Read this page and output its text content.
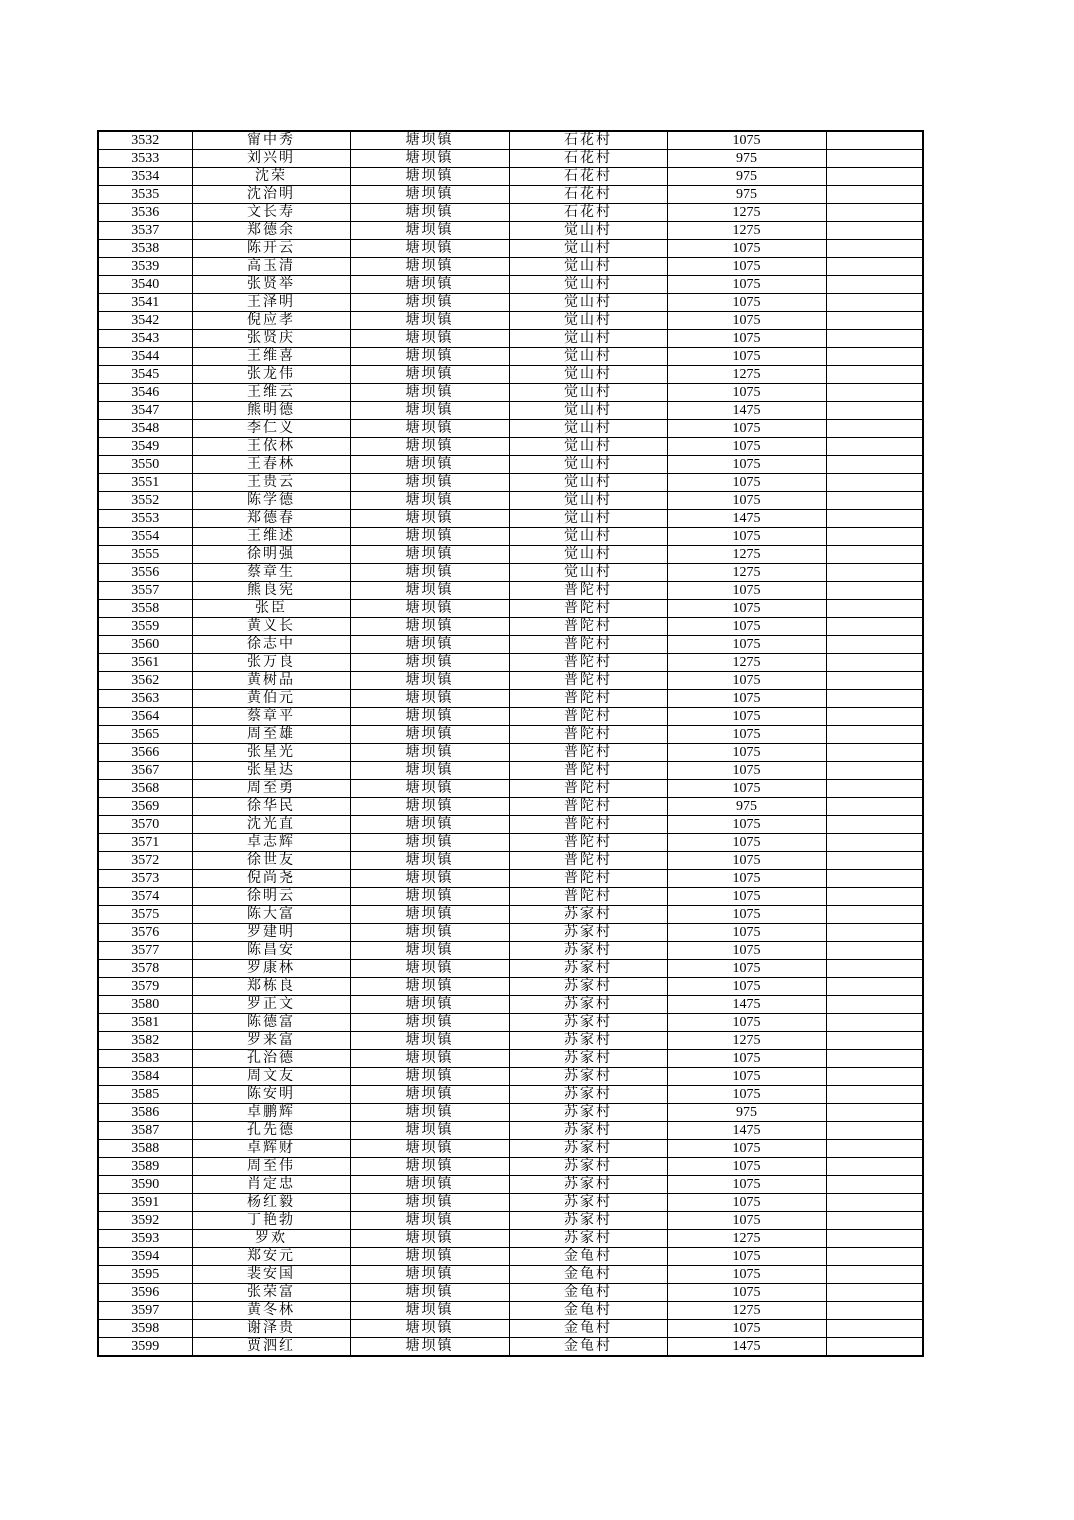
3532	甯中秀	塘坝镇	石花村	1075	
3533	刘兴明	塘坝镇	石花村	975	
3534	沈荣	塘坝镇	石花村	975	
3535	沈治明	塘坝镇	石花村	975	
3536	文长寿	塘坝镇	石花村	1275	
3537	郑德余	塘坝镇	觉山村	1275	
3538	陈开云	塘坝镇	觉山村	1075	
3539	高玉清	塘坝镇	觉山村	1075	
3540	张贤举	塘坝镇	觉山村	1075	
3541	王泽明	塘坝镇	觉山村	1075	
3542	倪应孝	塘坝镇	觉山村	1075	
3543	张贤庆	塘坝镇	觉山村	1075	
3544	王维喜	塘坝镇	觉山村	1075	
3545	张龙伟	塘坝镇	觉山村	1275	
3546	王维云	塘坝镇	觉山村	1075	
3547	熊明德	塘坝镇	觉山村	1475	
3548	李仁义	塘坝镇	觉山村	1075	
3549	王依林	塘坝镇	觉山村	1075	
3550	王春林	塘坝镇	觉山村	1075	
3551	王贵云	塘坝镇	觉山村	1075	
3552	陈学德	塘坝镇	觉山村	1075	
3553	郑德春	塘坝镇	觉山村	1475	
3554	王维述	塘坝镇	觉山村	1075	
3555	徐明强	塘坝镇	觉山村	1275	
3556	蔡章生	塘坝镇	觉山村	1275	
3557	熊良宪	塘坝镇	普陀村	1075	
3558	张臣	塘坝镇	普陀村	1075	
3559	黄义长	塘坝镇	普陀村	1075	
3560	徐志中	塘坝镇	普陀村	1075	
3561	张万良	塘坝镇	普陀村	1275	
3562	黄树品	塘坝镇	普陀村	1075	
3563	黄伯元	塘坝镇	普陀村	1075	
3564	蔡章平	塘坝镇	普陀村	1075	
3565	周至雄	塘坝镇	普陀村	1075	
3566	张星光	塘坝镇	普陀村	1075	
3567	张星达	塘坝镇	普陀村	1075	
3568	周至勇	塘坝镇	普陀村	1075	
3569	徐华民	塘坝镇	普陀村	975	
3570	沈光直	塘坝镇	普陀村	1075	
3571	卓志辉	塘坝镇	普陀村	1075	
3572	徐世友	塘坝镇	普陀村	1075	
3573	倪尚尧	塘坝镇	普陀村	1075	
3574	徐明云	塘坝镇	普陀村	1075	
3575	陈大富	塘坝镇	苏家村	1075	
3576	罗建明	塘坝镇	苏家村	1075	
3577	陈昌安	塘坝镇	苏家村	1075	
3578	罗康林	塘坝镇	苏家村	1075	
3579	郑栋良	塘坝镇	苏家村	1075	
3580	罗正文	塘坝镇	苏家村	1475	
3581	陈德富	塘坝镇	苏家村	1075	
3582	罗来富	塘坝镇	苏家村	1275	
3583	孔治德	塘坝镇	苏家村	1075	
3584	周文友	塘坝镇	苏家村	1075	
3585	陈安明	塘坝镇	苏家村	1075	
3586	卓鹏辉	塘坝镇	苏家村	975	
3587	孔先德	塘坝镇	苏家村	1475	
3588	卓辉财	塘坝镇	苏家村	1075	
3589	周至伟	塘坝镇	苏家村	1075	
3590	肖定忠	塘坝镇	苏家村	1075	
3591	杨红毅	塘坝镇	苏家村	1075	
3592	丁艳勃	塘坝镇	苏家村	1075	
3593	罗欢	塘坝镇	苏家村	1275	
3594	郑安元	塘坝镇	金龟村	1075	
3595	裴安国	塘坝镇	金龟村	1075	
3596	张荣富	塘坝镇	金龟村	1075	
3597	黄冬林	塘坝镇	金龟村	1275	
3598	谢泽贵	塘坝镇	金龟村	1075	
3599	贾泗红	塘坝镇	金龟村	1475	
